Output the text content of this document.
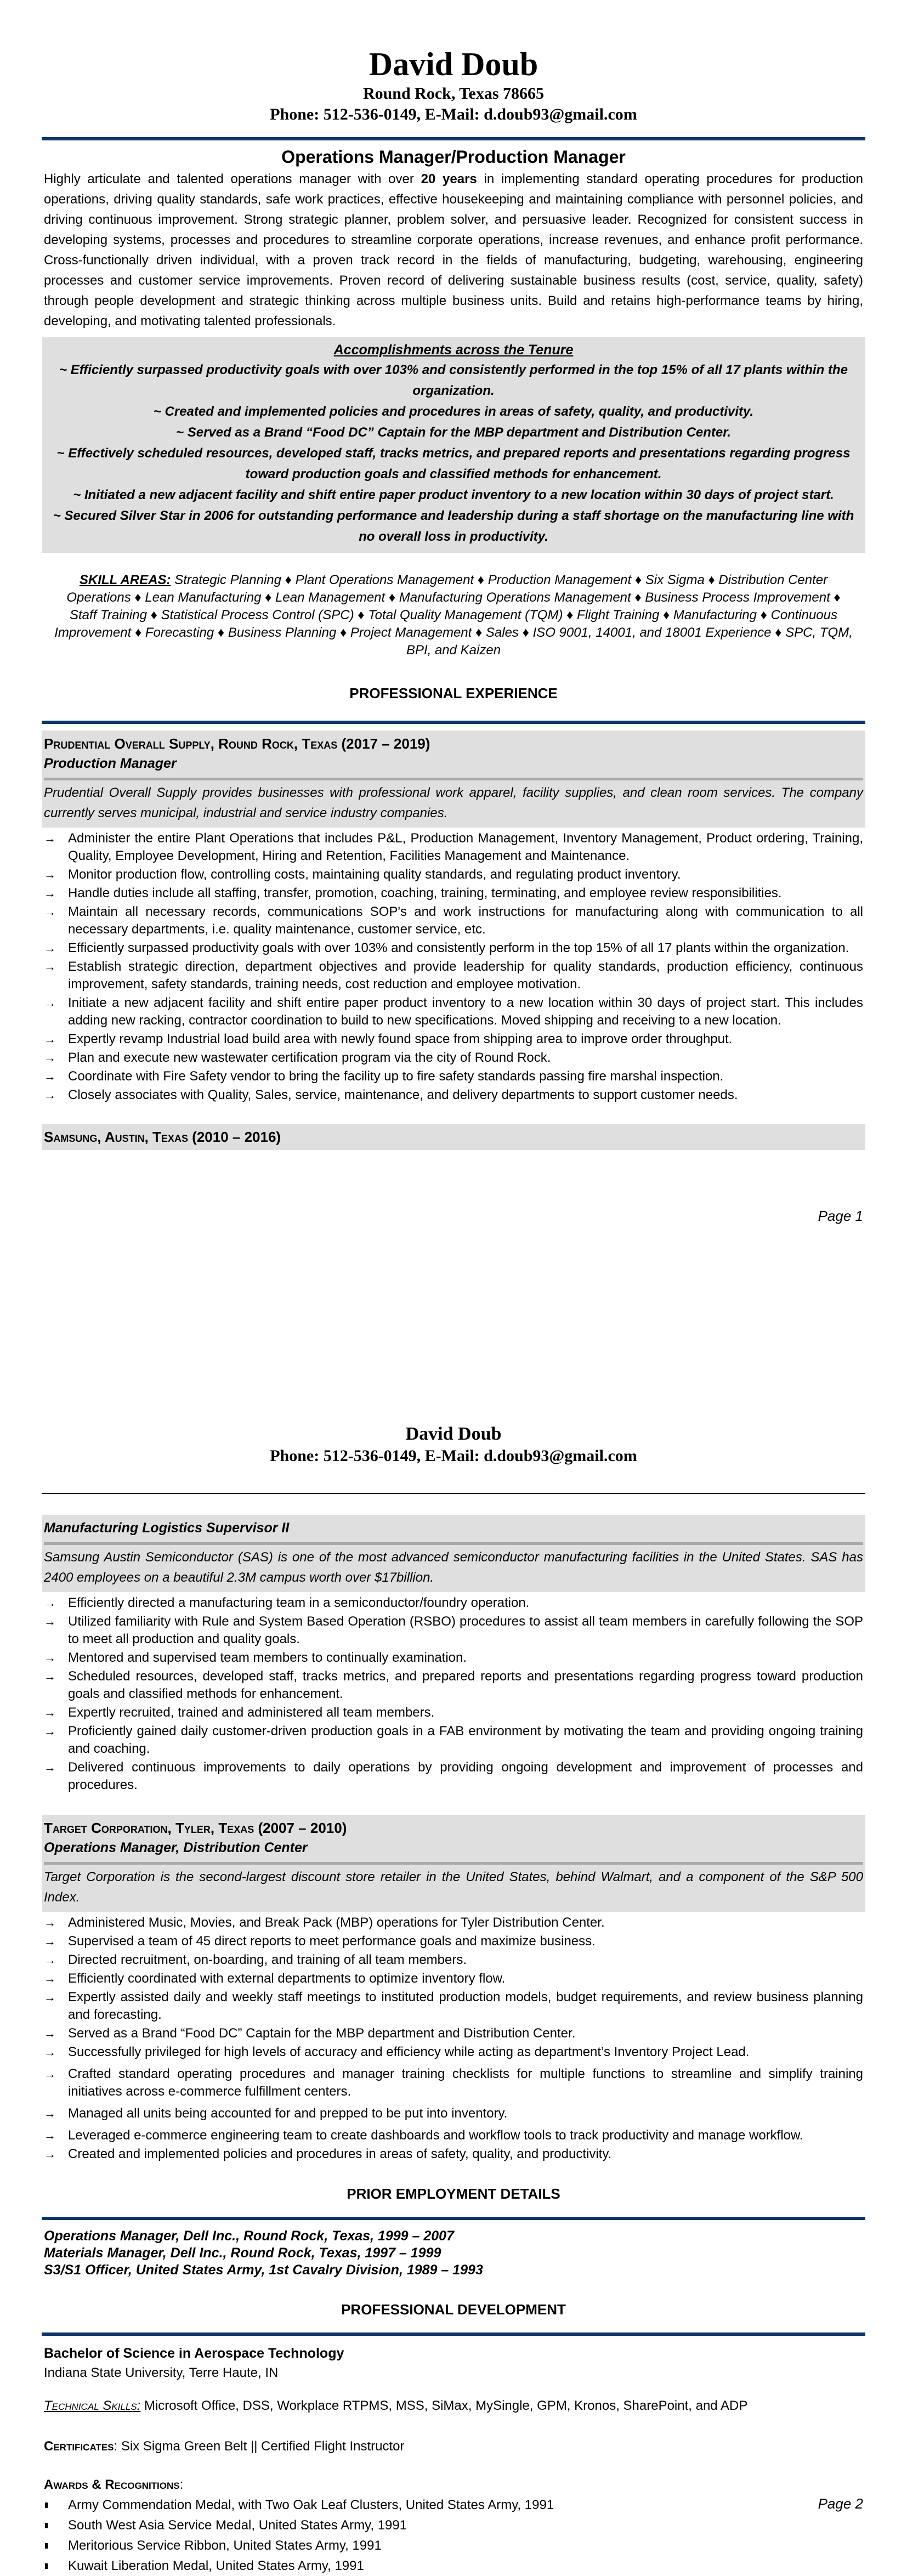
David Doub
Round Rock, Texas 78665
Phone: 512-536-0149, E-Mail: d.doub93@gmail.com
Operations Manager/Production Manager

Highly articulate and talented operations manager with over 20 years in implementing standard operating procedures for production operations, driving quality standards, safe work practices, effective housekeeping and maintaining compliance with personnel policies, and driving continuous improvement. Strong strategic planner, problem solver, and persuasive leader. Recognized for consistent success in developing systems, processes and procedures to streamline corporate operations, increase revenues, and enhance profit performance. Cross-functionally driven individual, with a proven track record in the fields of manufacturing, budgeting, warehousing, engineering processes and customer service improvements. Proven record of delivering sustainable business results (cost, service, quality, safety) through people development and strategic thinking across multiple business units. Build and retains high-performance teams by hiring, developing, and motivating talented professionals.

Accomplishments across the Tenure
~ Efficiently surpassed productivity goals with over 103% and consistently performed in the top 15% of all 17 plants within the organization.
~ Created and implemented policies and procedures in areas of safety, quality, and productivity.
~ Served as a Brand “Food DC” Captain for the MBP department and Distribution Center.
~ Effectively scheduled resources, developed staff, tracks metrics, and prepared reports and presentations regarding progress toward production goals and classified methods for enhancement.
~ Initiated a new adjacent facility and shift entire paper product inventory to a new location within 30 days of project start.
~ Secured Silver Star in 2006 for outstanding performance and leadership during a staff shortage on the manufacturing line with no overall loss in productivity.
SKILL AREAS: Strategic Planning ♦ Plant Operations Management ♦ Production Management ♦ Six Sigma ♦ Distribution Center Operations ♦ Lean Manufacturing ♦ Lean Management ♦ Manufacturing Operations Management ♦ Business Process Improvement ♦ Staff Training ♦ Statistical Process Control (SPC) ♦ Total Quality Management (TQM) ♦ Flight Training ♦ Manufacturing ♦ Continuous Improvement ♦ Forecasting ♦ Business Planning ♦ Project Management ♦ Sales ♦ ISO 9001, 14001, and 18001 Experience ♦ SPC, TQM, BPI, and Kaizen
PROFESSIONAL EXPERIENCE
Prudential Overall Supply, Round Rock, Texas (2017 – 2019)
Production Manager
Prudential Overall Supply provides businesses with professional work apparel, facility supplies, and clean room services. The company currently serves municipal, industrial and service industry companies.
→ Administer the entire Plant Operations that includes P&L, Production Management, Inventory Management, Product ordering, Training, Quality, Employee Development, Hiring and Retention, Facilities Management and Maintenance.
→ Monitor production flow, controlling costs, maintaining quality standards, and regulating product inventory.
→ Handle duties include all staffing, transfer, promotion, coaching, training, terminating, and employee review responsibilities.
→ Maintain all necessary records, communications SOP's and work instructions for manufacturing along with communication to all necessary departments, i.e. quality maintenance, customer service, etc.
→ Efficiently surpassed productivity goals with over 103% and consistently perform in the top 15% of all 17 plants within the organization.
→ Establish strategic direction, department objectives and provide leadership for quality standards, production efficiency, continuous improvement, safety standards, training needs, cost reduction and employee motivation.
→ Initiate a new adjacent facility and shift entire paper product inventory to a new location within 30 days of project start. This includes adding new racking, contractor coordination to build to new specifications. Moved shipping and receiving to a new location.
→ Expertly revamp Industrial load build area with newly found space from shipping area to improve order throughput.
→ Plan and execute new wastewater certification program via the city of Round Rock.
→ Coordinate with Fire Safety vendor to bring the facility up to fire safety standards passing fire marshal inspection.
→ Closely associates with Quality, Sales, service, maintenance, and delivery departments to support customer needs.
Samsung, Austin, Texas (2010 – 2016)
Page 1
David Doub
Phone: 512-536-0149, E-Mail: d.doub93@gmail.com
Manufacturing Logistics Supervisor II
Samsung Austin Semiconductor (SAS) is one of the most advanced semiconductor manufacturing facilities in the United States. SAS has 2400 employees on a beautiful 2.3M campus worth over $17billion.
→ Efficiently directed a manufacturing team in a semiconductor/foundry operation.
→ Utilized familiarity with Rule and System Based Operation (RSBO) procedures to assist all team members in carefully following the SOP to meet all production and quality goals.
→ Mentored and supervised team members to continually examination.
→ Scheduled resources, developed staff, tracks metrics, and prepared reports and presentations regarding progress toward production goals and classified methods for enhancement.
→ Expertly recruited, trained and administered all team members.
→ Proficiently gained daily customer-driven production goals in a FAB environment by motivating the team and providing ongoing training and coaching.
→ Delivered continuous improvements to daily operations by providing ongoing development and improvement of processes and procedures.
Target Corporation, Tyler, Texas (2007 – 2010)
Operations Manager, Distribution Center
Target Corporation is the second-largest discount store retailer in the United States, behind Walmart, and a component of the S&P 500 Index.
→ Administered Music, Movies, and Break Pack (MBP) operations for Tyler Distribution Center.
→ Supervised a team of 45 direct reports to meet performance goals and maximize business.
→ Directed recruitment, on-boarding, and training of all team members.
→ Efficiently coordinated with external departments to optimize inventory flow.
→ Expertly assisted daily and weekly staff meetings to instituted production models, budget requirements, and review business planning and forecasting.
→ Served as a Brand “Food DC” Captain for the MBP department and Distribution Center.
→ Successfully privileged for high levels of accuracy and efficiency while acting as department’s Inventory Project Lead.
→ Crafted standard operating procedures and manager training checklists for multiple functions to streamline and simplify training initiatives across e-commerce fulfillment centers.
→ Managed all units being accounted for and prepped to be put into inventory.
→ Leveraged e-commerce engineering team to create dashboards and workflow tools to track productivity and manage workflow.
→ Created and implemented policies and procedures in areas of safety, quality, and productivity.
PRIOR EMPLOYMENT DETAILS
Operations Manager, Dell Inc., Round Rock, Texas, 1999 – 2007
Materials Manager, Dell Inc., Round Rock, Texas, 1997 – 1999
S3/S1 Officer, United States Army, 1st Cavalry Division, 1989 – 1993
PROFESSIONAL DEVELOPMENT
Bachelor of Science in Aerospace Technology
Indiana State University, Terre Haute, IN
Technical Skills: Microsoft Office, DSS, Workplace RTPMS, MSS, SiMax, MySingle, GPM, Kronos, SharePoint, and ADP
Certificates: Six Sigma Green Belt || Certified Flight Instructor
Awards & Recognitions:
Army Commendation Medal, with Two Oak Leaf Clusters, United States Army, 1991
South West Asia Service Medal, United States Army, 1991
Meritorious Service Ribbon, United States Army, 1991
Kuwait Liberation Medal, United States Army, 1991
Page 2
